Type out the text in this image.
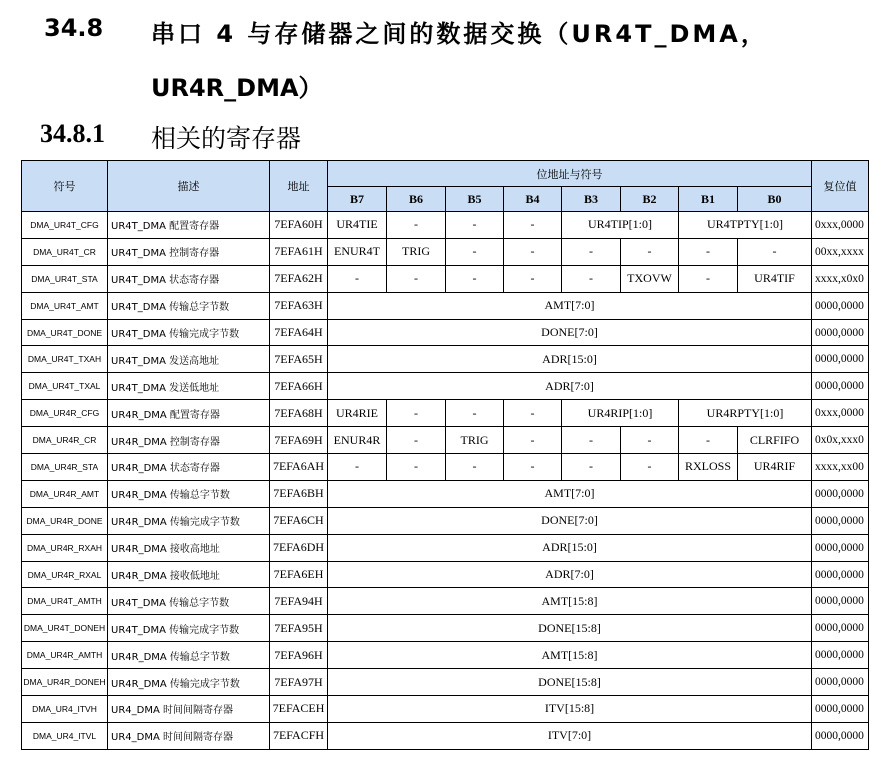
34.8 串口 4 与存储器之间的数据交换（UR4T_DMA，
UR4R_DMA）
34.8.1 相关的寄存器
符号	描述	地址	位地址与符号								复位值
			B7	B6	B5	B4	B3	B2	B1	B0	
DMA_UR4T_CFG	UR4T_DMA 配置寄存器	7EFA60H	UR4TIE	-	-	-	UR4TIP[1:0]		UR4TPTY[1:0]		0xxx,0000
DMA_UR4T_CR	UR4T_DMA 控制寄存器	7EFA61H	ENUR4T	TRIG	-	-	-	-	-	-	00xx,xxxx
DMA_UR4T_STA	UR4T_DMA 状态寄存器	7EFA62H	-	-	-	-	-	TXOVW	-	UR4TIF	xxxx,x0x0
DMA_UR4T_AMT	UR4T_DMA 传输总字节数	7EFA63H	AMT[7:0]								0000,0000
DMA_UR4T_DONE	UR4T_DMA 传输完成字节数	7EFA64H	DONE[7:0]								0000,0000
DMA_UR4T_TXAH	UR4T_DMA 发送高地址	7EFA65H	ADR[15:0]								0000,0000
DMA_UR4T_TXAL	UR4T_DMA 发送低地址	7EFA66H	ADR[7:0]								0000,0000
DMA_UR4R_CFG	UR4R_DMA 配置寄存器	7EFA68H	UR4RIE	-	-	-	UR4RIP[1:0]		UR4RPTY[1:0]		0xxx,0000
DMA_UR4R_CR	UR4R_DMA 控制寄存器	7EFA69H	ENUR4R	-	TRIG	-	-	-	-	CLRFIFO	0x0x,xxx0
DMA_UR4R_STA	UR4R_DMA 状态寄存器	7EFA6AH	-	-	-	-	-	-	RXLOSS	UR4RIF	xxxx,xx00
DMA_UR4R_AMT	UR4R_DMA 传输总字节数	7EFA6BH	AMT[7:0]								0000,0000
DMA_UR4R_DONE	UR4R_DMA 传输完成字节数	7EFA6CH	DONE[7:0]								0000,0000
DMA_UR4R_RXAH	UR4R_DMA 接收高地址	7EFA6DH	ADR[15:0]								0000,0000
DMA_UR4R_RXAL	UR4R_DMA 接收低地址	7EFA6EH	ADR[7:0]								0000,0000
DMA_UR4T_AMTH	UR4T_DMA 传输总字节数	7EFA94H	AMT[15:8]								0000,0000
DMA_UR4T_DONEH	UR4T_DMA 传输完成字节数	7EFA95H	DONE[15:8]								0000,0000
DMA_UR4R_AMTH	UR4R_DMA 传输总字节数	7EFA96H	AMT[15:8]								0000,0000
DMA_UR4R_DONEH	UR4R_DMA 传输完成字节数	7EFA97H	DONE[15:8]								0000,0000
DMA_UR4_ITVH	UR4_DMA 时间间隔寄存器	7EFACEH	ITV[15:8]								0000,0000
DMA_UR4_ITVL	UR4_DMA 时间间隔寄存器	7EFACFH	ITV[7:0]								0000,0000
